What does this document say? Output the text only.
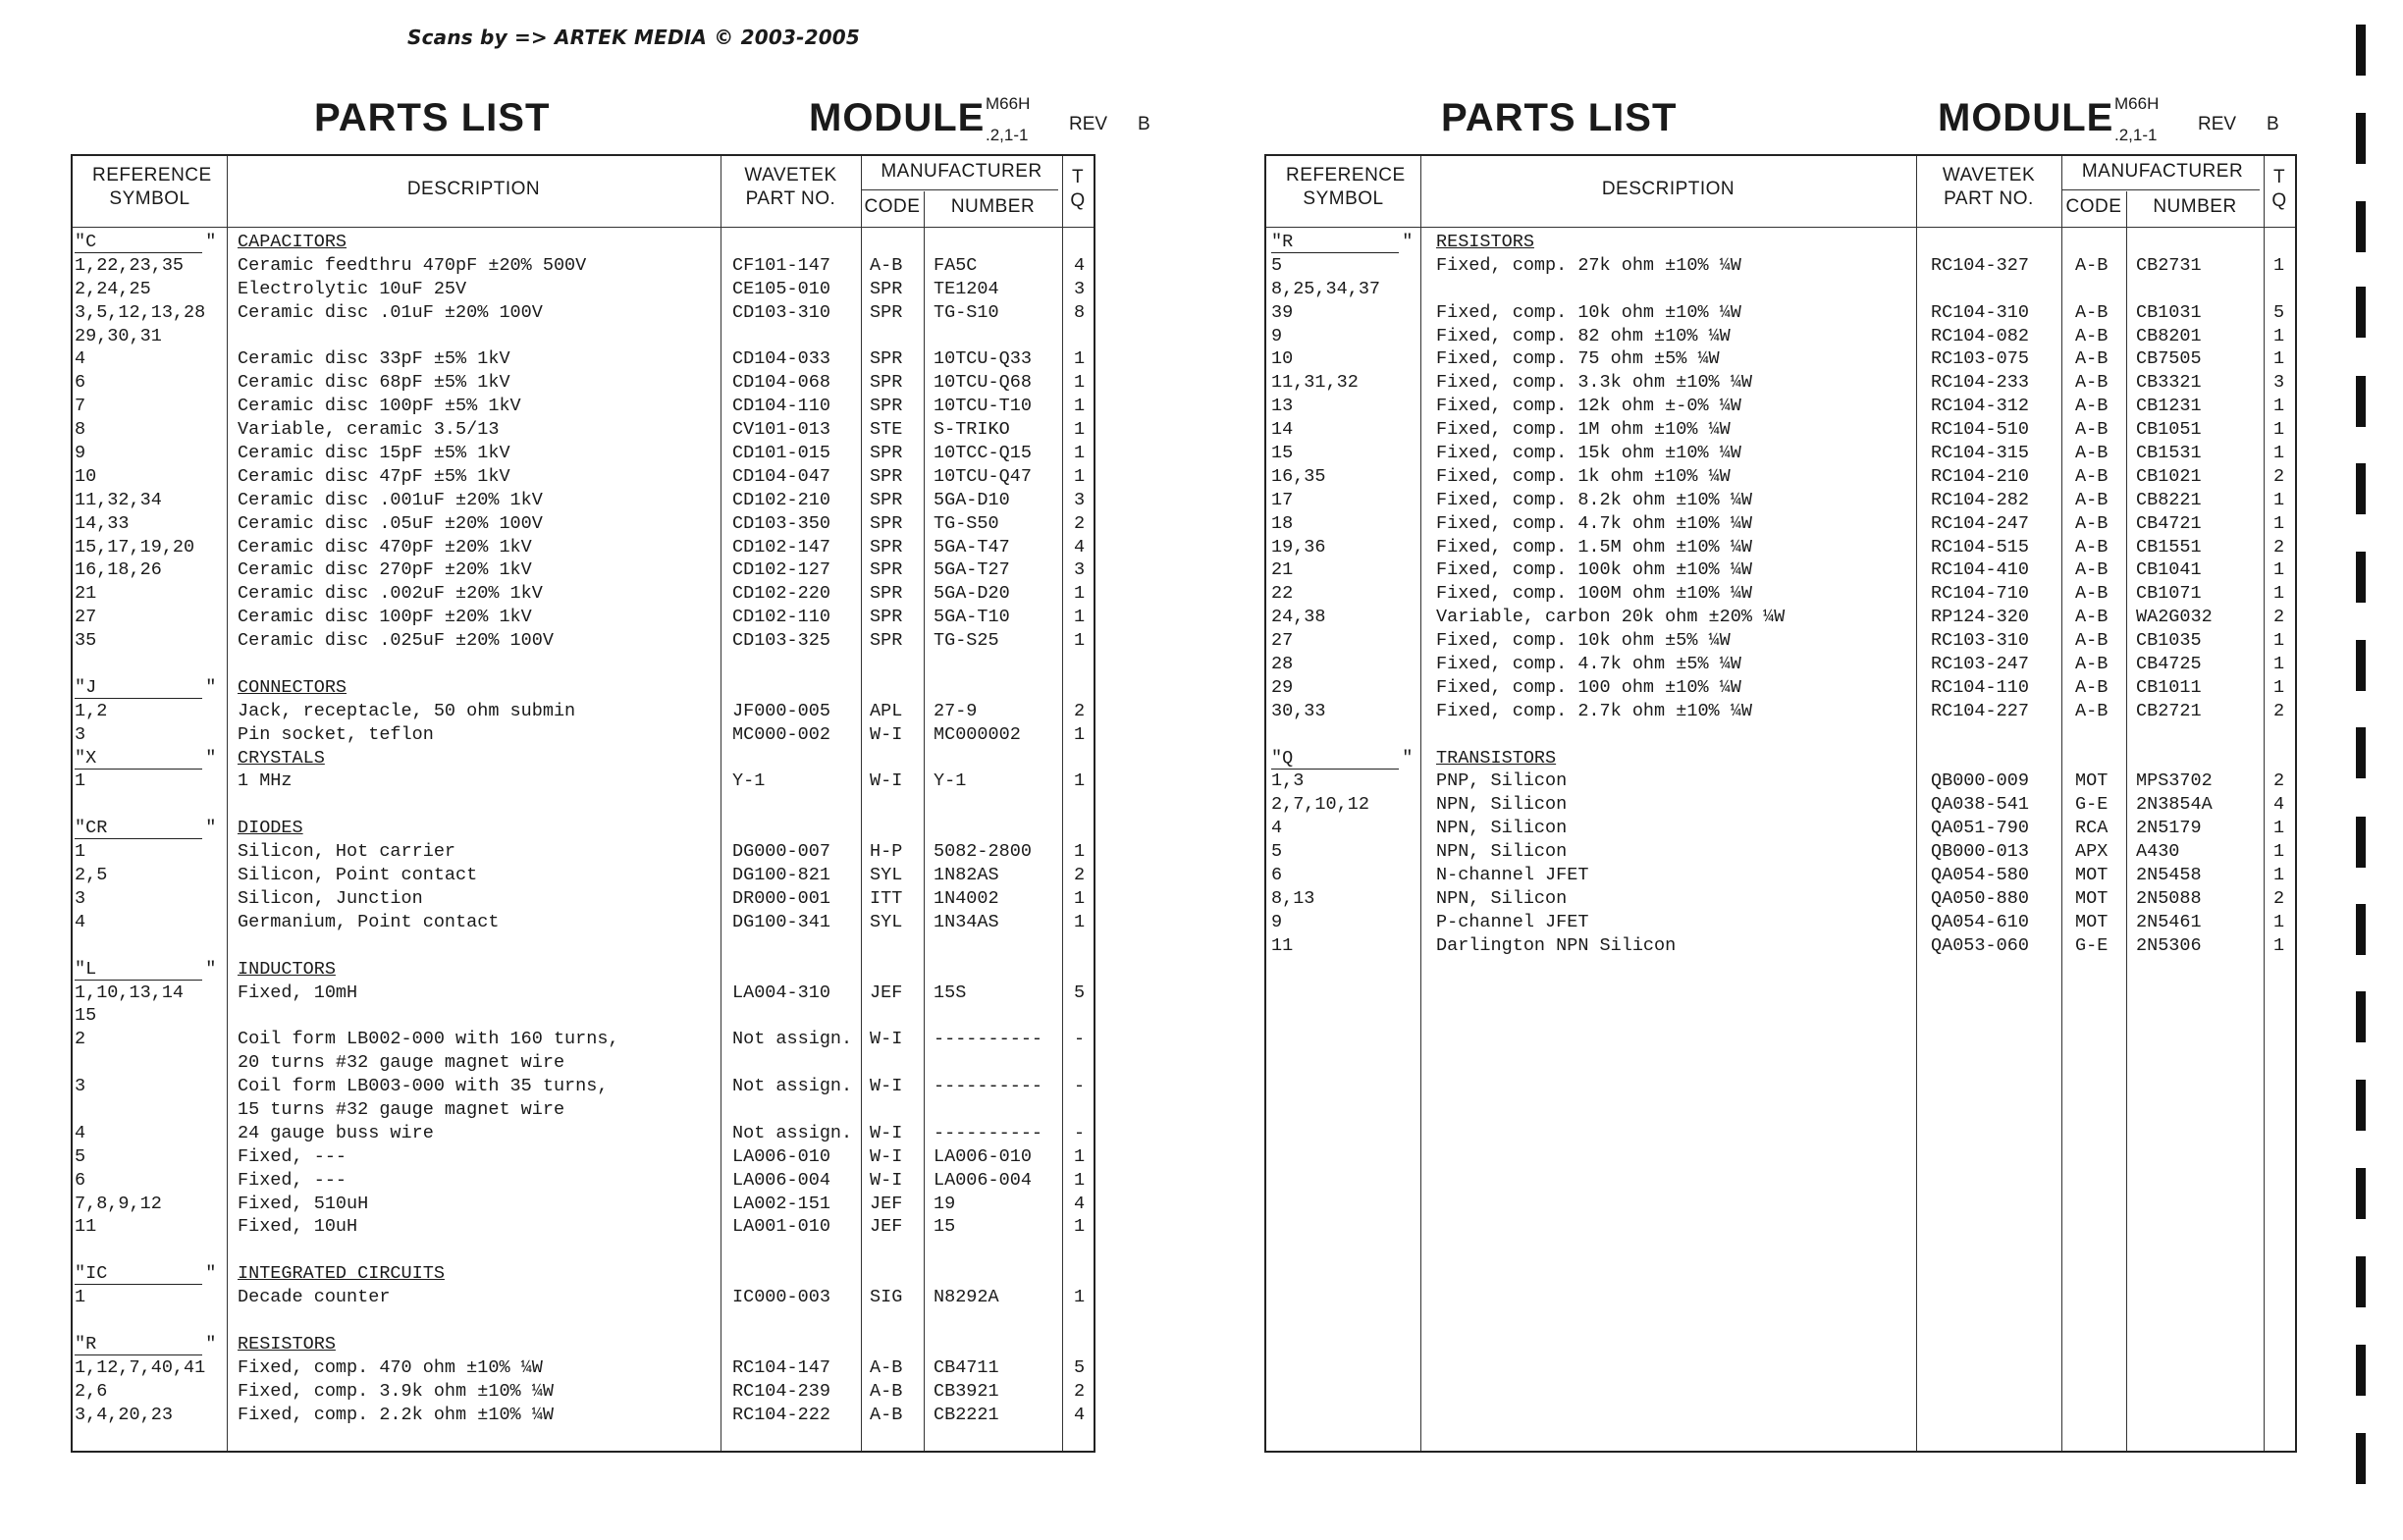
Scans by => ARTEK MEDIA © 2003-2005
PARTS LIST	MODULE M66H
.2,1-1
REV B
REFERENCE SYMBOL	DESCRIPTION
WAVETEK PART NO.
MANUFACTURER
CODE	NUMBER
T Q
"C          " CAPACITORS
1,22,23,35	Ceramic feedthru 470pF ±20% 500V	CF101-147 A-B FA5C	4
2,24,25	Electrolytic 10uF 25V	CE105-010 SPR TE1204	3
3,5,12,13,28 Ceramic disc .01uF ±20% 100V	CD103-310 SPR TG-S10	8
29,30,31
4	Ceramic disc 33pF ±5% 1kV	CD104-033 SPR 10TCU-Q33 1
6	Ceramic disc 68pF ±5% 1kV	CD104-068 SPR 10TCU-Q68 1
7	Ceramic disc 100pF ±5% 1kV	CD104-110 SPR 10TCU-T10 1
8	Variable, ceramic 3.5/13	CV101-013 STE S-TRIKO	1
9	Ceramic disc 15pF ±5% 1kV	CD101-015 SPR 10TCC-Q15 1
10	Ceramic disc 47pF ±5% 1kV	CD104-047 SPR 10TCU-Q47 1
11,32,34	Ceramic disc .001uF ±20% 1kV	CD102-210 SPR 5GA-D10	3
14,33	Ceramic disc .05uF ±20% 100V	CD103-350 SPR TG-S50	2
15,17,19,20 Ceramic disc 470pF ±20% 1kV	CD102-147 SPR 5GA-T47	4
16,18,26	Ceramic disc 270pF ±20% 1kV	CD102-127 SPR 5GA-T27	3
21	Ceramic disc .002uF ±20% 1kV	CD102-220 SPR 5GA-D20	1
27	Ceramic disc 100pF ±20% 1kV	CD102-110 SPR 5GA-T10	1
35	Ceramic disc .025uF ±20% 100V	CD103-325 SPR TG-S25	1
"J          " CONNECTORS
1,2	Jack, receptacle, 50 ohm submin	JF000-005 APL 27-9	2
3	Pin socket, teflon	MC000-002 W-I MC000002	1
"X          " CRYSTALS
1	1 MHz	Y-1	W-I Y-1	1
"CR         " DIODES
1	Silicon, Hot carrier	DG000-007 H-P 5082-2800 1
2,5	Silicon, Point contact	DG100-821 SYL 1N82AS	2
3	Silicon, Junction	DR000-001 ITT 1N4002	1
4	Germanium, Point contact	DG100-341 SYL 1N34AS	1
"L          " INDUCTORS
1,10,13,14	Fixed, 10mH	LA004-310 JEF 15S	5
15
2	Coil form LB002-000 with 160 turns,	Not assign. W-I ---------- -
20 turns #32 gauge magnet wire
3	Coil form LB003-000 with 35 turns,	Not assign. W-I ---------- -
15 turns #32 gauge magnet wire
4	24 gauge buss wire	Not assign. W-I ---------- -
5	Fixed, ---	LA006-010 W-I LA006-010 1
6	Fixed, ---	LA006-004 W-I LA006-004 1
7,8,9,12	Fixed, 510uH	LA002-151 JEF 19	4
11	Fixed, 10uH	LA001-010 JEF 15	1
"IC         " INTEGRATED CIRCUITS
1	Decade counter	IC000-003 SIG N8292A	1
"R          " RESISTORS
1,12,7,40,41 Fixed, comp. 470 ohm ±10% ¼W	RC104-147 A-B CB4711	5
2,6	Fixed, comp. 3.9k ohm ±10% ¼W	RC104-239 A-B CB3921	2
3,4,20,23	Fixed, comp. 2.2k ohm ±10% ¼W	RC104-222 A-B CB2221	4
PARTS LIST	MODULE M66H
.2,1-1
REV B
REFERENCE SYMBOL	DESCRIPTION
WAVETEK PART NO.
MANUFACTURER
CODE	NUMBER
T Q
"R          " RESISTORS
5	Fixed, comp. 27k ohm ±10% ¼W	RC104-327	A-B CB2731	1
8,25,34,37
39	Fixed, comp. 10k ohm ±10% ¼W	RC104-310	A-B CB1031	5
9	Fixed, comp. 82 ohm ±10% ¼W	RC104-082	A-B CB8201	1
10	Fixed, comp. 75 ohm ±5% ¼W	RC103-075	A-B CB7505	1
11,31,32	Fixed, comp. 3.3k ohm ±10% ¼W	RC104-233	A-B CB3321	3
13	Fixed, comp. 12k ohm ±-0% ¼W	RC104-312	A-B CB1231	1
14	Fixed, comp. 1M ohm ±10% ¼W	RC104-510	A-B CB1051	1
15	Fixed, comp. 15k ohm ±10% ¼W	RC104-315	A-B CB1531	1
16,35	Fixed, comp. 1k ohm ±10% ¼W	RC104-210	A-B CB1021	2
17	Fixed, comp. 8.2k ohm ±10% ¼W	RC104-282	A-B CB8221	1
18	Fixed, comp. 4.7k ohm ±10% ¼W	RC104-247	A-B CB4721	1
19,36	Fixed, comp. 1.5M ohm ±10% ¼W	RC104-515	A-B CB1551	2
21	Fixed, comp. 100k ohm ±10% ¼W	RC104-410	A-B CB1041	1
22	Fixed, comp. 100M ohm ±10% ¼W	RC104-710	A-B CB1071	1
24,38	Variable, carbon 20k ohm ±20% ¼W	RP124-320	A-B WA2G032	2
27	Fixed, comp. 10k ohm ±5% ¼W	RC103-310	A-B CB1035	1
28	Fixed, comp. 4.7k ohm ±5% ¼W	RC103-247	A-B CB4725	1
29	Fixed, comp. 100 ohm ±10% ¼W	RC104-110	A-B CB1011	1
30,33	Fixed, comp. 2.7k ohm ±10% ¼W	RC104-227	A-B CB2721	2
"Q          " TRANSISTORS
1,3	PNP, Silicon	QB000-009	MOT MPS3702	2
2,7,10,12	NPN, Silicon	QA038-541	G-E 2N3854A	4
4	NPN, Silicon	QA051-790	RCA 2N5179	1
5	NPN, Silicon	QB000-013	APX A430	1
6	N-channel JFET	QA054-580	MOT 2N5458	1
8,13	NPN, Silicon	QA050-880	MOT 2N5088	2
9	P-channel JFET	QA054-610	MOT 2N5461	1
11	Darlington NPN Silicon	QA053-060	G-E 2N5306	1
